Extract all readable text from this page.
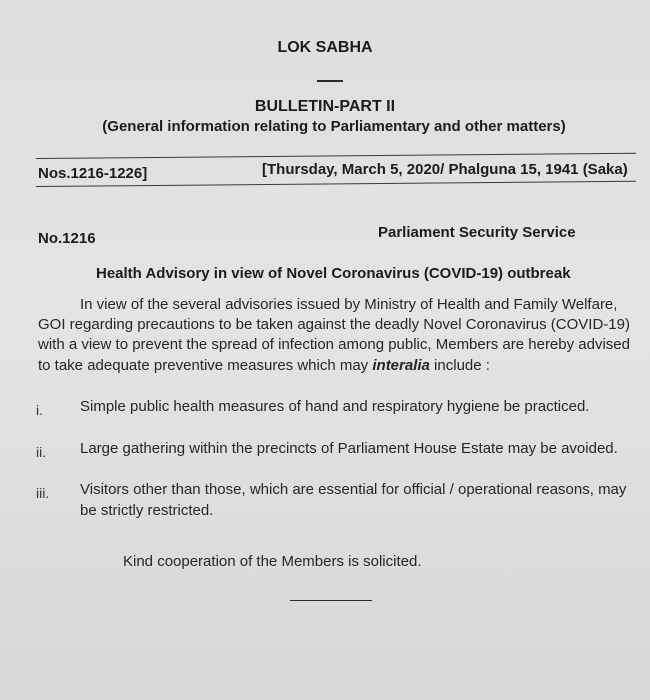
LOK SABHA
BULLETIN-PART II
(General information relating to Parliamentary and other matters)
Nos.1216-1226]	[Thursday, March 5, 2020/ Phalguna 15, 1941 (Saka)
No.1216	Parliament Security Service
Health Advisory in view of Novel Coronavirus (COVID-19) outbreak
In view of the several advisories issued by Ministry of Health and Family Welfare,
GOI regarding precautions to be taken against the deadly Novel Coronavirus (COVID-19)
with a view to prevent the spread of infection among public, Members are hereby advised
to take adequate preventive measures which may interalia include :
i. Simple public health measures of hand and respiratory hygiene be practiced.
ii. Large gathering within the precincts of Parliament House Estate may be avoided.
iii. Visitors other than those, which are essential for official / operational reasons, may
be strictly restricted.
Kind cooperation of the Members is solicited.
